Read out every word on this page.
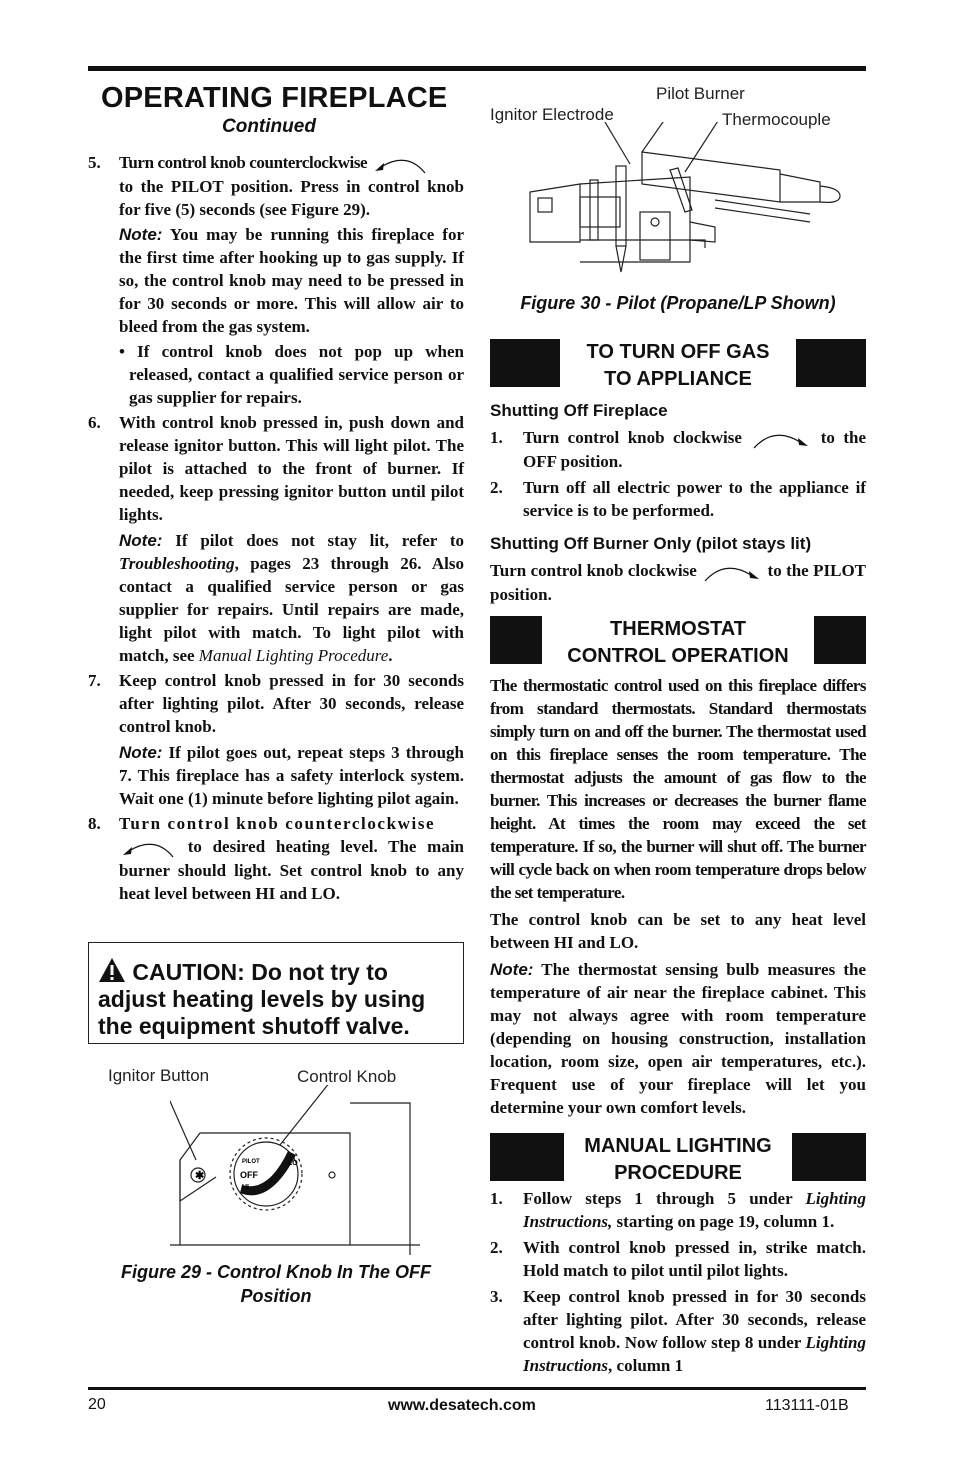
OPERATING FIREPLACE
Continued

5. Turn control knob counterclockwise
to the PILOT position. Press in control knob for five (5) seconds (see Figure 29).

Note: You may be running this fireplace for the first time after hooking up to gas supply. If so, the control knob may need to be pressed in for 30 seconds or more. This will allow air to bleed from the gas system.

• If control knob does not pop up when released, contact a qualified service person or gas supplier for repairs.

6. With control knob pressed in, push down and release ignitor button. This will light pilot. The pilot is attached to the front of burner. If needed, keep pressing ignitor button until pilot lights.

Note: If pilot does not stay lit, refer to Troubleshooting, pages 23 through 26. Also contact a qualified service person or gas supplier for repairs. Until repairs are made, light pilot with match. To light pilot with match, see Manual Lighting Procedure.

7. Keep control knob pressed in for 30 seconds after lighting pilot. After 30 seconds, release control knob.

Note: If pilot goes out, repeat steps 3 through 7. This fireplace has a safety interlock system. Wait one (1) minute before lighting pilot again.

8. Turn control knob counterclockwise
to desired heating level. The main burner should light. Set control knob to any heat level between HI and LO.

CAUTION: Do not try to adjust heating levels by using the equipment shutoff valve.
Ignitor Button	Control Knob
✱
PILOT
OFF
HI
LO
Figure 29 - Control Knob In The OFF Position
Pilot Burner
Ignitor Electrode	Thermocouple
Figure 30 - Pilot (Propane/LP Shown)
TO TURN OFF GAS
TO APPLIANCE
Shutting Off Fireplace

1. Turn control knob clockwise	to the OFF position.

2. Turn off all electric power to the appliance if service is to be performed.

Shutting Off Burner Only (pilot stays lit)

Turn control knob clockwise	to the PILOT position.

THERMOSTAT
CONTROL OPERATION

The thermostatic control used on this fireplace differs from standard thermostats. Standard thermostats simply turn on and off the burner. The thermostat used on this fireplace senses the room temperature. The thermostat adjusts the amount of gas flow to the burner. This increases or decreases the burner flame height. At times the room may exceed the set temperature. If so, the burner will shut off. The burner will cycle back on when room temperature drops below the set temperature.

The control knob can be set to any heat level between HI and LO.

Note: The thermostat sensing bulb measures the temperature of air near the fireplace cabinet. This may not always agree with room temperature (depending on housing construction, installation location, room size, open air temperatures, etc.). Frequent use of your fireplace will let you determine your own comfort levels.

MANUAL LIGHTING
PROCEDURE

1. Follow steps 1 through 5 under Lighting Instructions, starting on page 19, column 1.

2. With control knob pressed in, strike match. Hold match to pilot until pilot lights.

3. Keep control knob pressed in for 30 seconds after lighting pilot. After 30 seconds, release control knob. Now follow step 8 under Lighting Instructions, column 1

20	www.desatech.com	113111-01B
